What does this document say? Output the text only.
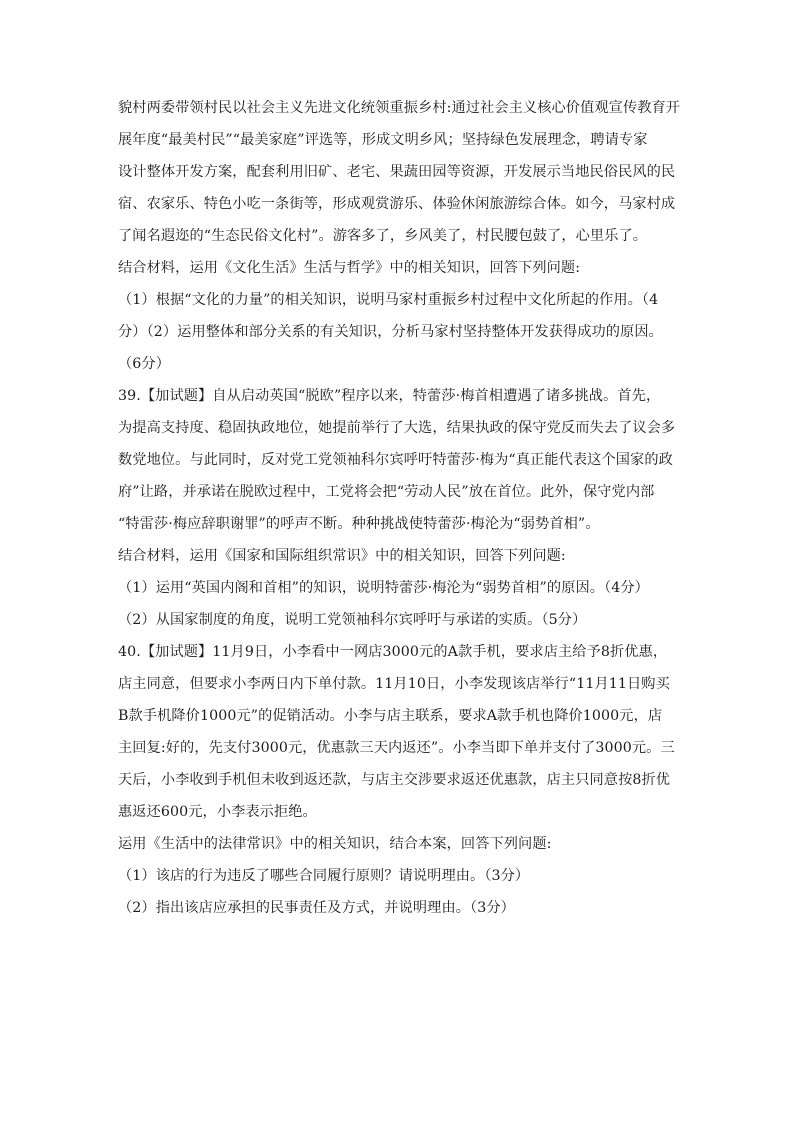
貌村两委带领村民以社会主义先进文化统领重振乡村:通过社会主义核心价值观宣传教育开
展年度“最美村民”“最美家庭”评选等，形成文明乡风；坚持绿色发展理念，聘请专家
设计整体开发方案，配套利用旧矿、老宅、果蔬田园等资源，开发展示当地民俗民风的民
宿、农家乐、特色小吃一条街等，形成观赏游乐、体验休闲旅游综合体。如今，马家村成
了闻名遐迩的“生态民俗文化村”。游客多了，乡风美了，村民腰包鼓了，心里乐了。
结合材料，运用《文化生活》生活与哲学》中的相关知识，回答下列问题:
（1）根据“文化的力量”的相关知识，说明马家村重振乡村过程中文化所起的作用。（4
分）（2）运用整体和部分关系的有关知识，分析马家村坚持整体开发获得成功的原因。
（6分）
39.【加试题】自从启动英国“脱欧”程序以来，特蕾莎·梅首相遭遇了诸多挑战。首先，
为提高支持度、稳固执政地位，她提前举行了大选，结果执政的保守党反而失去了议会多
数党地位。与此同时，反对党工党领袖科尔宾呼吁特蕾莎·梅为“真正能代表这个国家的政
府”让路，并承诺在脱欧过程中，工党将会把“劳动人民”放在首位。此外，保守党内部
“特雷莎·梅应辞职谢罪”的呼声不断。种种挑战使特蕾莎·梅沦为“弱势首相”。
结合材料，运用《国家和国际组织常识》中的相关知识，回答下列问题:
（1）运用“英国内阁和首相”的知识，说明特蕾莎·梅沦为“弱势首相”的原因。（4分）
（2）从国家制度的角度，说明工党领袖科尔宾呼吁与承诺的实质。（5分）
40.【加试题】11月9日，小李看中一网店3000元的A款手机，要求店主给予8折优惠，
店主同意，但要求小李两日内下单付款。11月10日，小李发现该店举行“11月11日购买
B款手机降价1000元”的促销活动。小李与店主联系，要求A款手机也降价1000元，店
主回复:好的，先支付3000元，优惠款三天内返还”。小李当即下单并支付了3000元。三
天后，小李收到手机但未收到返还款，与店主交涉要求返还优惠款，店主只同意按8折优
惠返还600元，小李表示拒绝。
运用《生活中的法律常识》中的相关知识，结合本案，回答下列问题:
（1）该店的行为违反了哪些合同履行原则？请说明理由。（3分）
（2）指出该店应承担的民事责任及方式，并说明理由。（3分）
